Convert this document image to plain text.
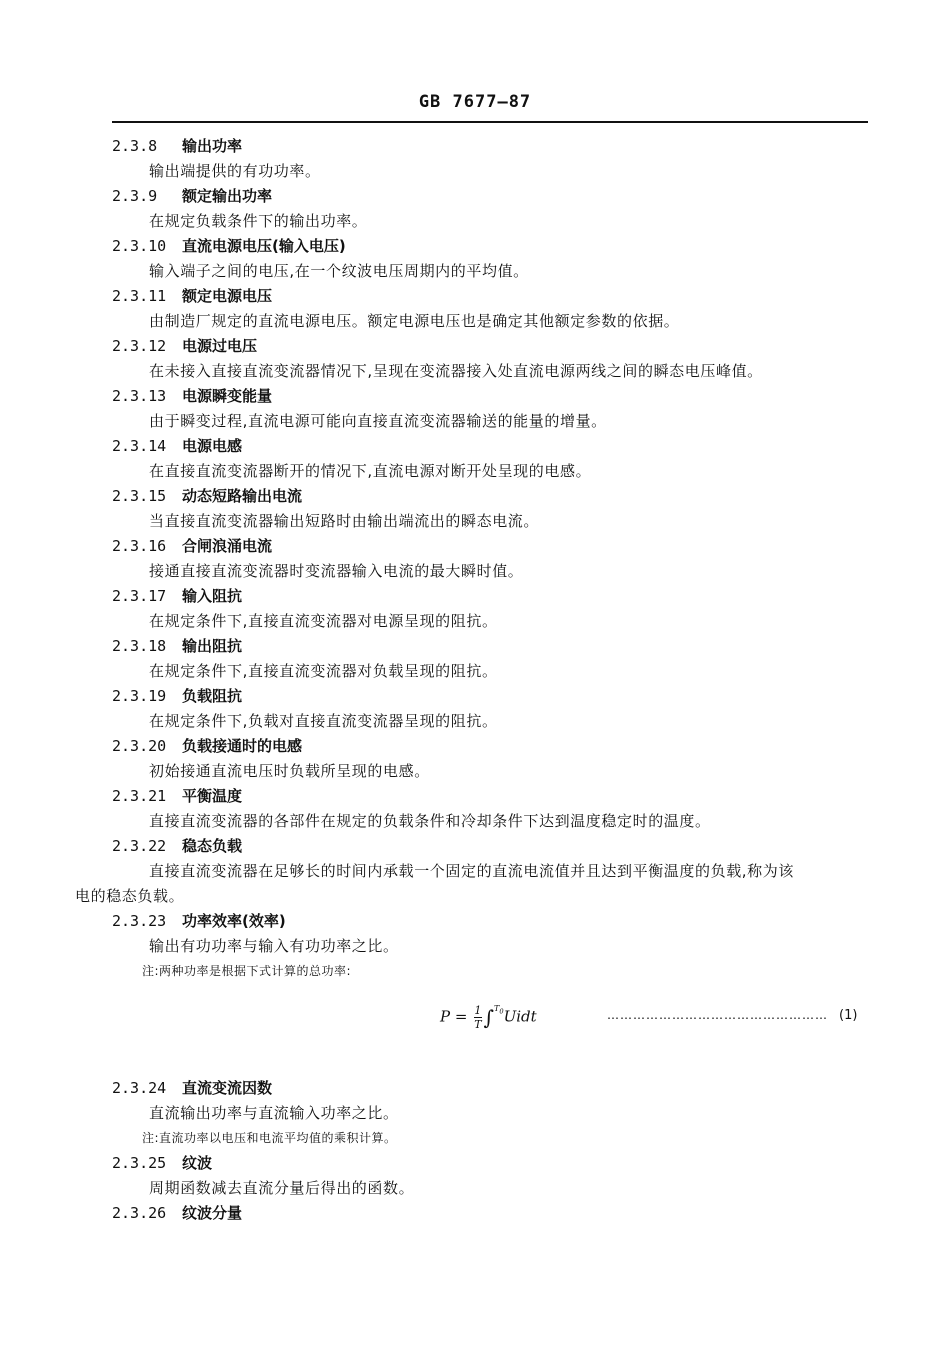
GB 7677—87
2.3.8	输出功率
输出端提供的有功功率。
2.3.9	额定输出功率
在规定负载条件下的输出功率。
2.3.10	直流电源电压(输入电压)
输入端子之间的电压,在一个纹波电压周期内的平均值。
2.3.11	额定电源电压
由制造厂规定的直流电源电压。额定电源电压也是确定其他额定参数的依据。
2.3.12	电源过电压
在未接入直接直流变流器情况下,呈现在变流器接入处直流电源两线之间的瞬态电压峰值。
2.3.13	电源瞬变能量
由于瞬变过程,直流电源可能向直接直流变流器输送的能量的增量。
2.3.14	电源电感
在直接直流变流器断开的情况下,直流电源对断开处呈现的电感。
2.3.15	动态短路输出电流
当直接直流变流器输出短路时由输出端流出的瞬态电流。
2.3.16	合闸浪涌电流
接通直接直流变流器时变流器输入电流的最大瞬时值。
2.3.17	输入阻抗
在规定条件下,直接直流变流器对电源呈现的阻抗。
2.3.18	输出阻抗
在规定条件下,直接直流变流器对负载呈现的阻抗。
2.3.19	负载阻抗
在规定条件下,负载对直接直流变流器呈现的阻抗。
2.3.20	负载接通时的电感
初始接通直流电压时负载所呈现的电感。
2.3.21	平衡温度
直接直流变流器的各部件在规定的负载条件和冷却条件下达到温度稳定时的温度。
2.3.22	稳态负载
直接直流变流器在足够长的时间内承载一个固定的直流电流值并且达到平衡温度的负载,称为该
电的稳态负载。
2.3.23	功率效率(效率)
输出有功功率与输入有功功率之比。
注:两种功率是根据下式计算的总功率:
$P = \frac{1}{T}$ ∫$^{T_0}$Uidt	…………………………………………… (1)
2.3.24	直流变流因数
直流输出功率与直流输入功率之比。
注:直流功率以电压和电流平均值的乘积计算。
2.3.25	纹波
周期函数减去直流分量后得出的函数。
2.3.26	纹波分量
